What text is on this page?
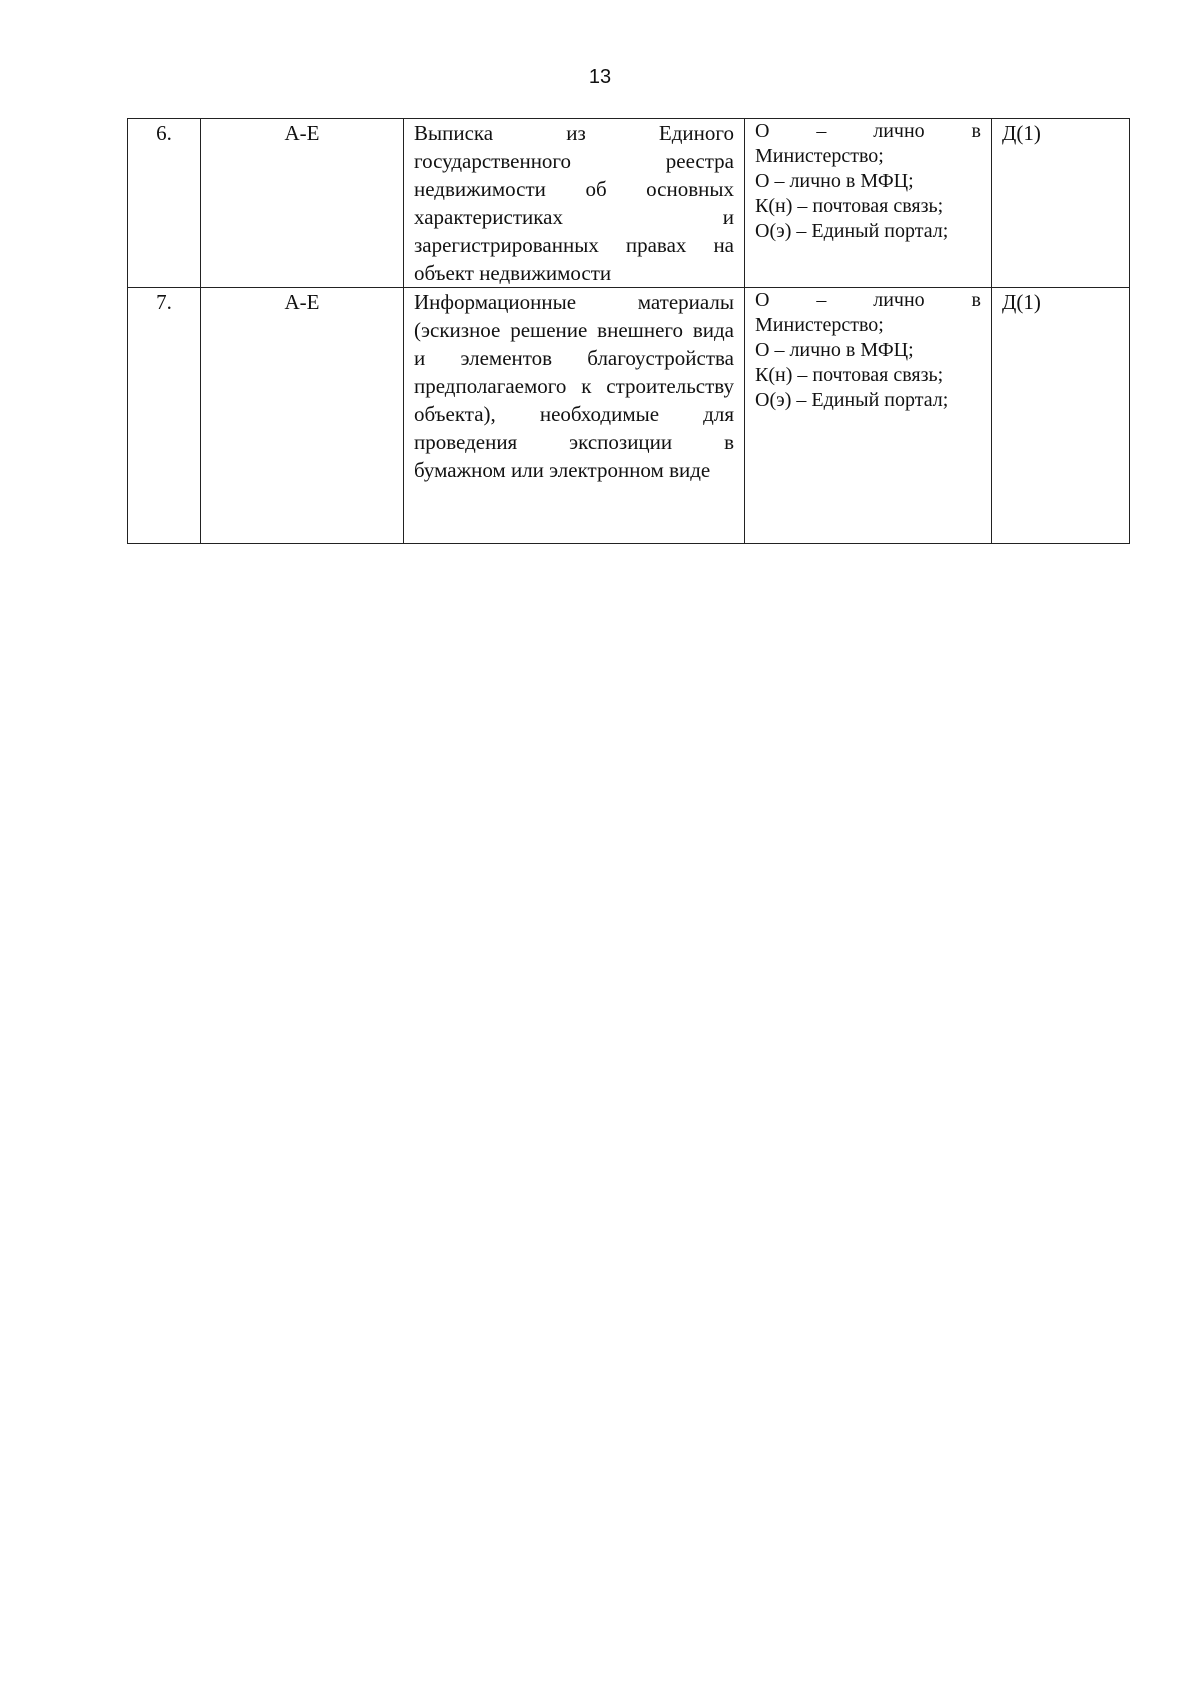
13
6.	А-Е	Выписка из Единого государственного реестра недвижимости об основных характеристиках и зарегистрированных правах на объект недвижимости	О – лично в
Министерство;
О – лично в МФЦ;
К(н) – почтовая связь;
О(э) – Единый портал;	Д(1)

7.	А-Е	Информационные материалы (эскизное решение внешнего вида и элементов благоустройства предполагаемого к строительству объекта), необходимые для проведения экспозиции в бумажном или электронном виде	О – лично в
Министерство;
О – лично в МФЦ;
К(н) – почтовая связь;
О(э) – Единый портал;	Д(1)
